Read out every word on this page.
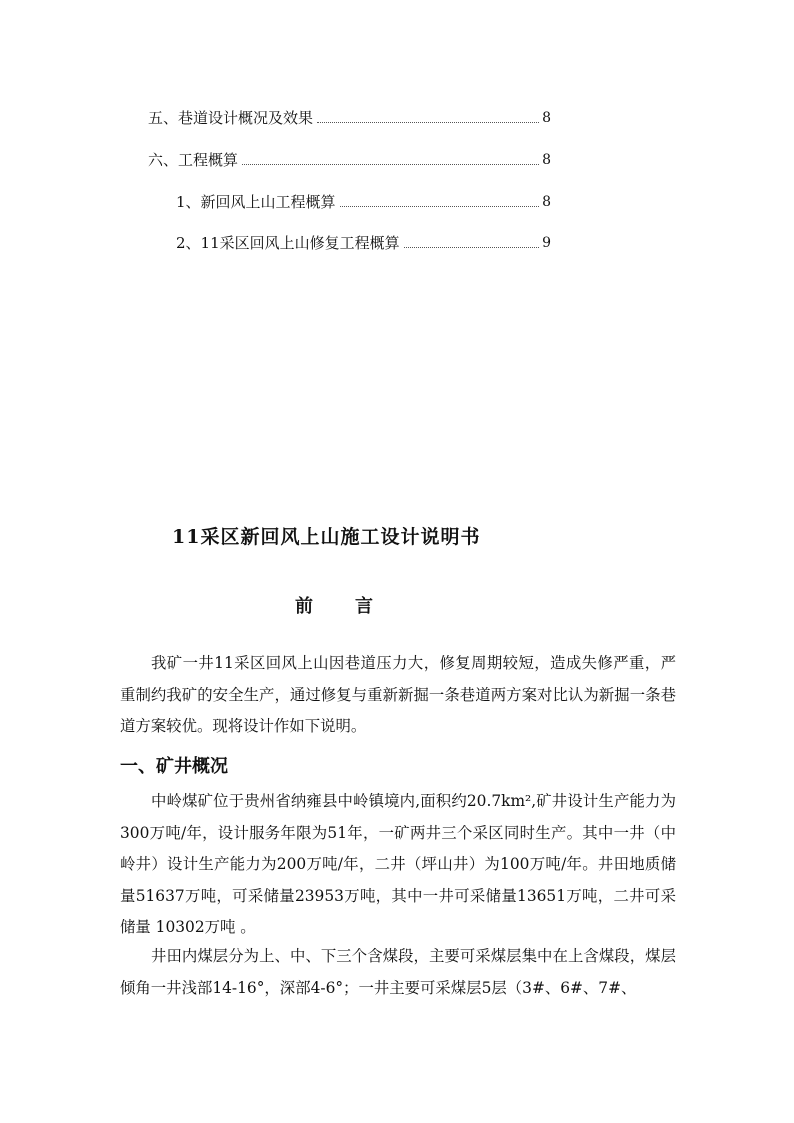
五、巷道设计概况及效果	8
六、工程概算	8
1、新回风上山工程概算	8
2、11采区回风上山修复工程概算	9
11采区新回风上山施工设计说明书
前 言
我矿一井11采区回风上山因巷道压力大，修复周期较短，造成失修严重，严重制约我矿的安全生产，通过修复与重新新掘一条巷道两方案对比认为新掘一条巷道方案较优。现将设计作如下说明。
一、矿井概况
中岭煤矿位于贵州省纳雍县中岭镇境内,面积约20.7km²,矿井设计生产能力为300万吨/年，设计服务年限为51年，一矿两井三个采区同时生产。其中一井（中岭井）设计生产能力为200万吨/年，二井（坪山井）为100万吨/年。井田地质储量51637万吨，可采储量23953万吨，其中一井可采储量13651万吨，二井可采储量 10302万吨 。
井田内煤层分为上、中、下三个含煤段，主要可采煤层集中在上含煤段，煤层倾角一井浅部14-16°，深部4-6°；一井主要可采煤层5层（3#、6#、7#、
